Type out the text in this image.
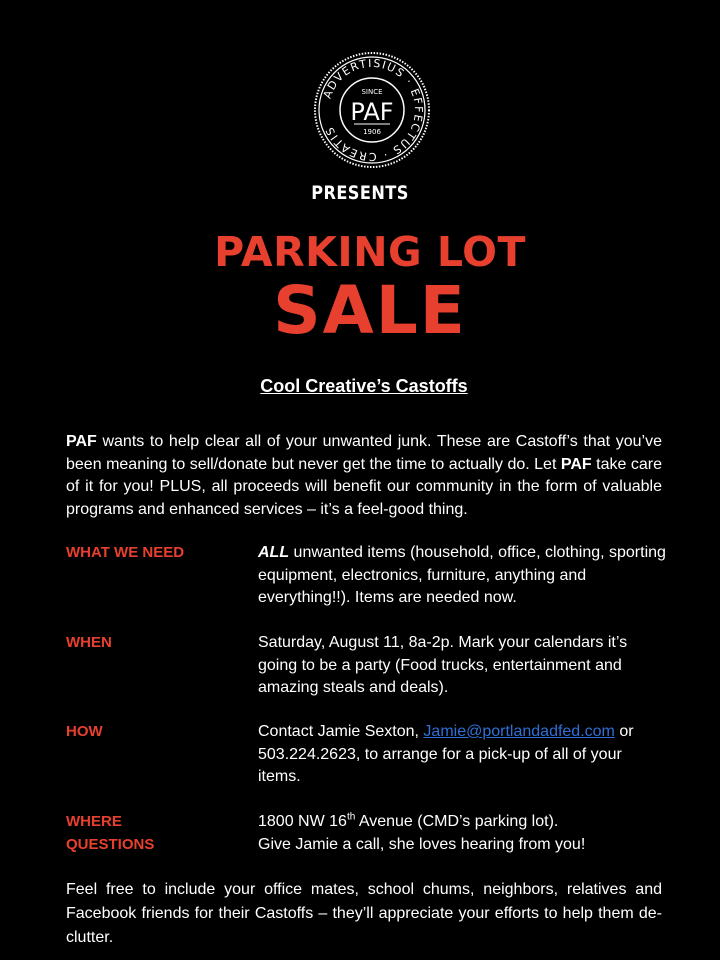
ADVERTISIUS · EFFECTUS · CREATIS
SINCE
PAF
1906
PRESENTS
PARKING LOT
SALE
Cool Creative’s Castoffs

PAF wants to help clear all of your unwanted junk. These are Castoff’s that you’ve been meaning to sell/donate but never get the time to actually do. Let PAF take care of it for you! PLUS, all proceeds will benefit our community in the form of valuable programs and enhanced services – it’s a feel-good thing.

WHAT WE NEED	ALL unwanted items (household, office, clothing, sporting equipment, electronics, furniture, anything and everything!!). Items are needed now.
WHEN	Saturday, August 11, 8a-2p. Mark your calendars it’s going to be a party (Food trucks, entertainment and amazing steals and deals).
HOW	Contact Jamie Sexton, Jamie@portlandadfed.com or 503.224.2623, to arrange for a pick-up of all of your items.
WHERE	1800 NW 16th Avenue (CMD’s parking lot).
QUESTIONS	Give Jamie a call, she loves hearing from you!

Feel free to include your office mates, school chums, neighbors, relatives and Facebook friends for their Castoffs – they’ll appreciate your efforts to help them de-clutter.
